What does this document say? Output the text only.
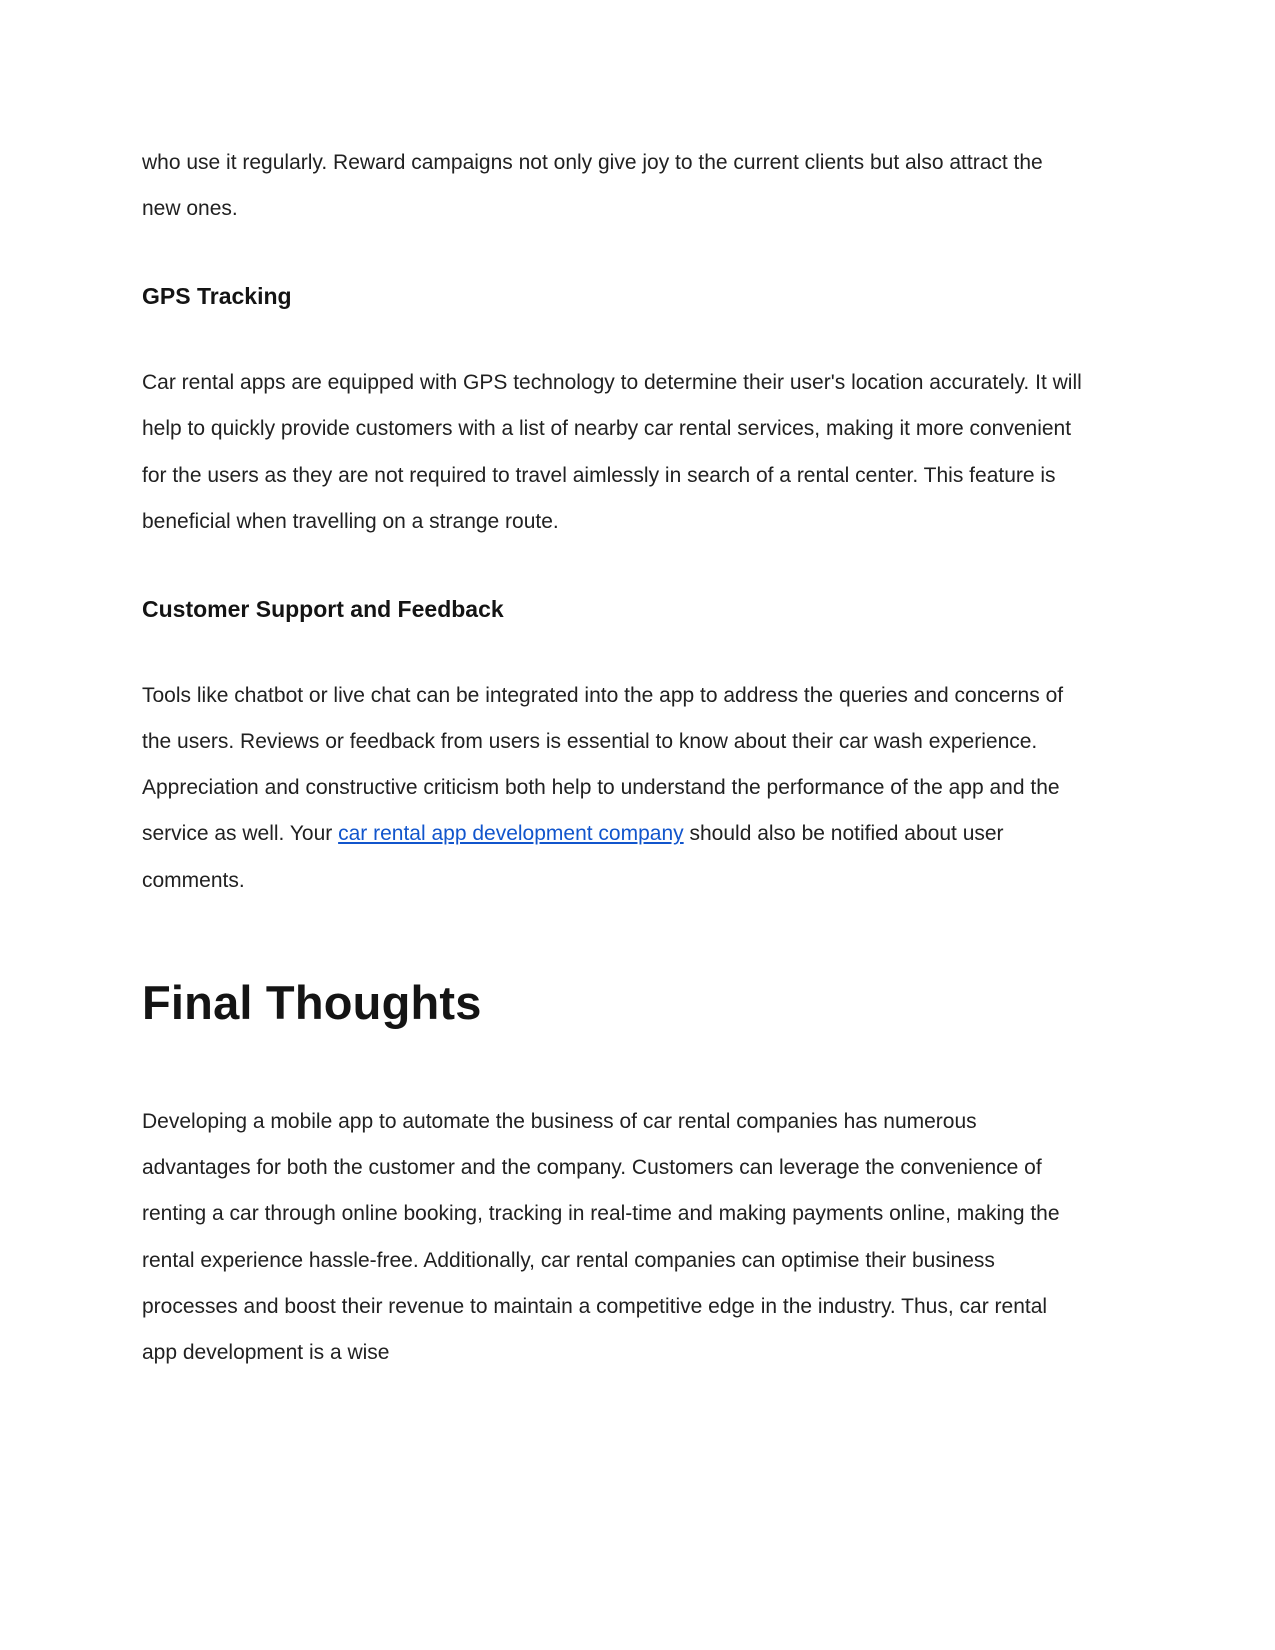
who use it regularly. Reward campaigns not only give joy to the current clients but also attract the new ones.

GPS Tracking

Car rental apps are equipped with GPS technology to determine their user's location accurately. It will help to quickly provide customers with a list of nearby car rental services, making it more convenient for the users as they are not required to travel aimlessly in search of a rental center. This feature is beneficial when travelling on a strange route.

Customer Support and Feedback

Tools like chatbot or live chat can be integrated into the app to address the queries and concerns of the users. Reviews or feedback from users is essential to know about their car wash experience. Appreciation and constructive criticism both help to understand the performance of the app and the service as well. Your car rental app development company should also be notified about user comments.

Final Thoughts

Developing a mobile app to automate the business of car rental companies has numerous advantages for both the customer and the company. Customers can leverage the convenience of renting a car through online booking, tracking in real-time and making payments online, making the rental experience hassle-free. Additionally, car rental companies can optimise their business processes and boost their revenue to maintain a competitive edge in the industry. Thus, car rental app development is a wise
